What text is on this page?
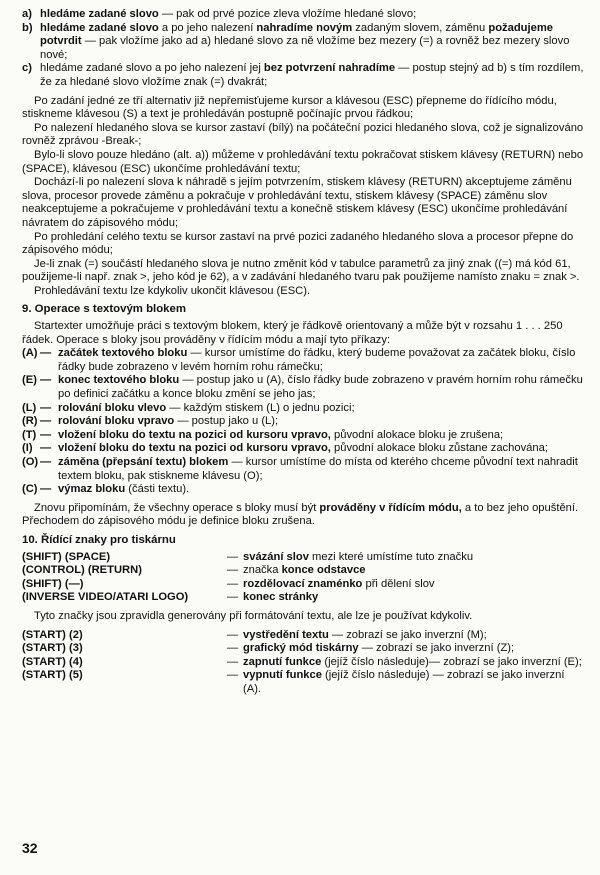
a) hledáme zadané slovo — pak od prvé pozice zleva vložíme hledané slovo;

b) hledáme zadané slovo a po jeho nalezení nahradíme novým zadaným slovem, záměnu požadujeme potvrdit — pak vložíme jako ad a) hledané slovo za ně vložíme bez mezery (=) a rovněž bez mezery slovo nové;

c) hledáme zadané slovo a po jeho nalezení jej bez potvrzení nahradíme — postup stejný ad b) s tím rozdílem, že za hledané slovo vložíme znak (=) dvakrát;

Po zadání jedné ze tří alternativ již nepřemisťujeme kursor a klávesou (ESC) přepneme do řídícího módu, stiskneme klávesou (S) a text je prohledáván postupně počínajíc prvou řádkou;

Po nalezení hledaného slova se kursor zastaví (bílý) na počáteční pozici hledaného slova, což je signalizováno rovněž zprávou -Break-;

Bylo-li slovo pouze hledáno (alt. a)) můžeme v prohledávání textu pokračovat stiskem klávesy (RETURN) nebo (SPACE), klávesou (ESC) ukončíme prohledávání textu;

Dochází-li po nalezení slova k náhradě s jejím potvrzením, stiskem klávesy (RETURN) akceptujeme záměnu slova, procesor provede záměnu a pokračuje v prohledávání textu, stiskem klávesy (SPACE) záměnu slov neakceptujeme a pokračujeme v prohledávání textu a konečně stiskem klávesy (ESC) ukončíme prohledávání návratem do zápisového módu;

Po prohledání celého textu se kursor zastaví na prvé pozici zadaného hledaného slova a procesor přepne do zápisového módu;

Je-li znak (=) součástí hledaného slova je nutno změnit kód v tabulce parametrů za jiný znak ((=) má kód 61, použijeme-li např. znak >, jeho kód je 62), a v zadávání hledaného tvaru pak použijeme namísto znaku = znak >.

Prohledávání textu lze kdykoliv ukončit klávesou (ESC).

9. Operace s textovým blokem

Startexter umožňuje práci s textovým blokem, který je řádkově orientovaný a může být v rozsahu 1 . . . 250 řádek. Operace s bloky jsou prováděny v řídícím módu a mají tyto příkazy:

(A) — začátek textového bloku — kursor umístíme do řádku, který budeme považovat za začátek bloku, číslo řádky bude zobrazeno v levém horním rohu rámečku;

(E) — konec textového bloku — postup jako u (A), číslo řádky bude zobrazeno v pravém horním rohu rámečku po definici začátku a konce bloku změní se jeho jas;

(L) — rolování bloku vlevo — každým stiskem (L) o jednu pozici;

(R) — rolování bloku vpravo — postup jako u (L);

(T) — vložení bloku do textu na pozici od kursoru vpravo, původní alokace bloku je zrušena;

(I) — vložení bloku do textu na pozici od kursoru vpravo, původní alokace bloku zůstane zachována;

(O) — záměna (přepsání textu) blokem — kursor umístíme do místa od kterého chceme původní text nahradit textem bloku, pak stiskneme klávesu (O);

(C) — výmaz bloku (části textu).

Znovu připomínám, že všechny operace s bloky musí být prováděny v řídícím módu, a to bez jeho opuštění. Přechodem do zápisového módu je definice bloku zrušena.

10. Řídící znaky pro tiskárnu
(SHIFT) (SPACE)	— svázání slov mezi které umístíme tuto značku

(CONTROL) (RETURN)	— značka konce odstavce

(SHIFT) (—)	— rozdělovací znaménko při dělení slov

(INVERSE VIDEO/ATARI LOGO)	— konec stránky

Tyto značky jsou zpravidla generovány při formátování textu, ale lze je používat kdykoliv.

(START) (2)	— vystředění textu — zobrazí se jako inverzní (M);

(START) (3)	— grafický mód tiskárny — zobrazí se jako inverzní (Z);

(START) (4)	— zapnutí funkce (jejíž číslo následuje)— zobrazí se jako inverzní (E);

(START) (5)	— vypnutí funkce (jejíž číslo následuje) — zobrazí se jako inverzní (A).

32
